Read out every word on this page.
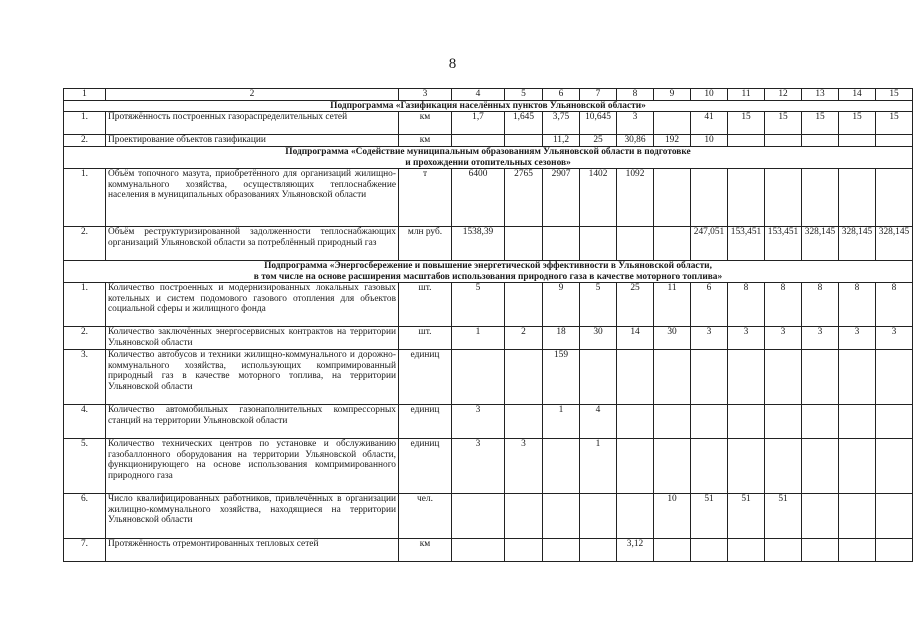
8
1	2	3	4	5	6	7	8	9	10	11	12	13	14	15
Подпрограмма «Газификация населённых пунктов Ульяновской области»														
1.	Протяжённость построенных газораспределительных сетей	км	1,7	1,645	3,75	10,645	3		41	15	15	15	15	15
2.	Проектирование объектов газификации	км			11,2	25	30,86	192	10					
Подпрограмма «Содействие муниципальным образованиям Ульяновской области в подготовке
и прохождении отопительных сезонов»														
1.	Объём топочного мазута, приобретённого для организаций жилищно-коммунального хозяйства, осуществляющих теплоснабжение населения в муниципальных образованиях Ульяновской области	т	6400	2765	2907	1402	1092							
2.	Объём реструктуризированной задолженности теплоснабжающих организаций Ульяновской области за потреблённый природный газ	млн руб.	1538,39						247,051	153,451	153,451	328,145	328,145	328,145
Подпрограмма «Энергосбережение и повышение энергетической эффективности в Ульяновской области,
в том числе на основе расширения масштабов использования природного газа в качестве моторного топлива»														
1.	Количество построенных и модернизированных локальных газовых котельных и систем подомового газового отопления для объектов социальной сферы и жилищного фонда	шт.	5		9	5	25	11	6	8	8	8	8	8
2.	Количество заключённых энергосервисных контрактов на территории Ульяновской области	шт.	1	2	18	30	14	30	3	3	3	3	3	3
3.	Количество автобусов и техники жилищно-коммунального и дорожно-коммунального хозяйства, использующих компримированный природный газ в качестве моторного топлива, на территории Ульяновской области	единиц			159									
4.	Количество автомобильных газонаполнительных компрессорных станций на территории Ульяновской области	единиц	3		1	4								
5.	Количество технических центров по установке и обслуживанию газобаллонного оборудования на территории Ульяновской области, функционирующего на основе использования компримированного природного газа	единиц	3	3		1								
6.	Число квалифицированных работников, привлечённых в организации жилищно-коммунального хозяйства, находящиеся на территории Ульяновской области	чел.						10	51	51	51			
7.	Протяжённость отремонтированных тепловых сетей	км					3,12							
